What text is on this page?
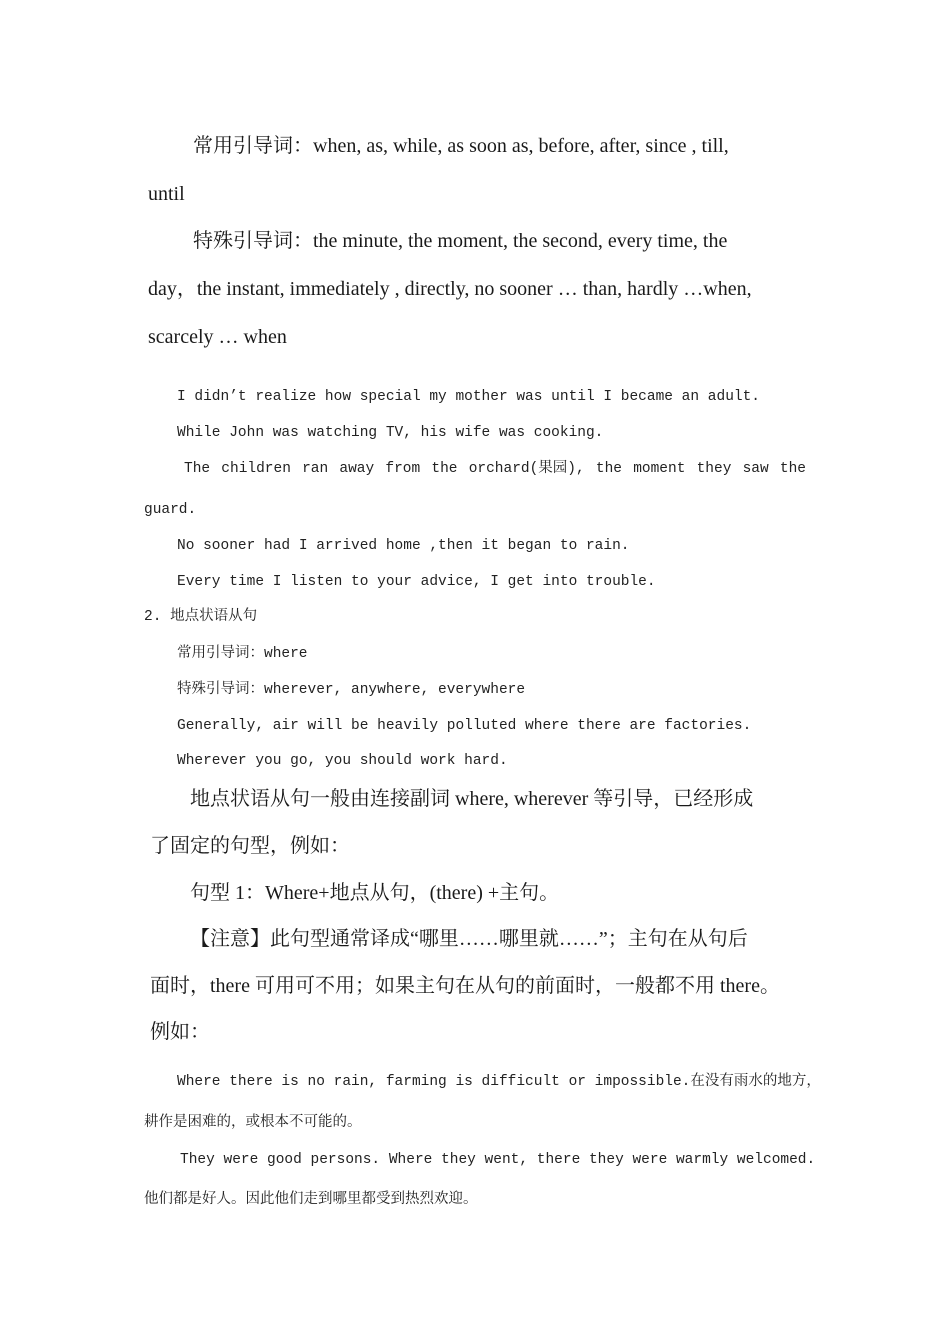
常用引导词：when, as, while, as soon as, before, after, since , till,
until
特殊引导词：the minute, the moment, the second, every time, the
day，the instant, immediately , directly, no sooner … than, hardly …when,
scarcely … when
I didn’t realize how special my mother was until I became an adult.
While John was watching TV, his wife was cooking.
The children ran away from the orchard(果园), the moment they saw the
guard.
No sooner had I arrived home ,then it began to rain.
Every time I listen to your advice, I get into trouble.
2. 地点状语从句
常用引导词：where
特殊引导词：wherever, anywhere, everywhere
Generally, air will be heavily polluted where there are factories.
Wherever you go, you should work hard.
地点状语从句一般由连接副词 where, wherever 等引导，已经形成
了固定的句型，例如：
句型 1：Where+地点从句，(there) +主句。
【注意】此句型通常译成“哪里……哪里就……”；主句在从句后
面时，there 可用可不用；如果主句在从句的前面时，一般都不用 there。
例如：
Where there is no rain, farming is difficult or impossible.在没有雨水的地方，
耕作是困难的，或根本不可能的。
They were good persons. Where they went, there they were warmly welcomed.
他们都是好人。因此他们走到哪里都受到热烈欢迎。
